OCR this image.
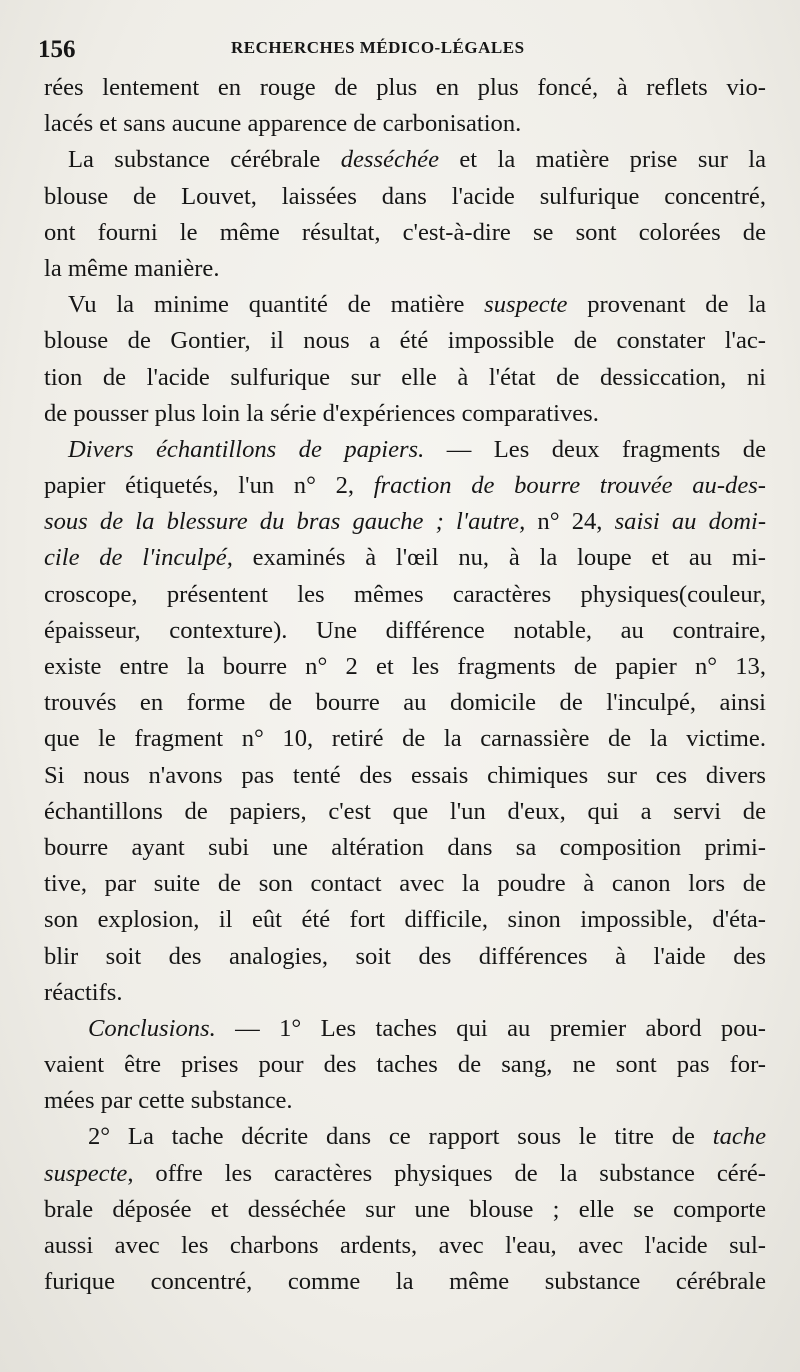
156	RECHERCHES MÉDICO-LÉGALES
rées lentement en rouge de plus en plus foncé, à reflets vio-
lacés et sans aucune apparence de carbonisation.
La substance cérébrale desséchée et la matière prise sur la
blouse de Louvet, laissées dans l'acide sulfurique concentré,
ont fourni le même résultat, c'est-à-dire se sont colorées de
la même manière.
Vu la minime quantité de matière suspecte provenant de la
blouse de Gontier, il nous a été impossible de constater l'ac-
tion de l'acide sulfurique sur elle à l'état de dessiccation, ni
de pousser plus loin la série d'expériences comparatives.
Divers échantillons de papiers. — Les deux fragments de
papier étiquetés, l'un n° 2, fraction de bourre trouvée au-des-
sous de la blessure du bras gauche ; l'autre, n° 24, saisi au domi-
cile de l'inculpé, examinés à l'œil nu, à la loupe et au mi-
croscope, présentent les mêmes caractères physiques(couleur,
épaisseur, contexture). Une différence notable, au contraire,
existe entre la bourre n° 2 et les fragments de papier n° 13,
trouvés en forme de bourre au domicile de l'inculpé, ainsi
que le fragment n° 10, retiré de la carnassière de la victime.
Si nous n'avons pas tenté des essais chimiques sur ces divers
échantillons de papiers, c'est que l'un d'eux, qui a servi de
bourre ayant subi une altération dans sa composition primi-
tive, par suite de son contact avec la poudre à canon lors de
son explosion, il eût été fort difficile, sinon impossible, d'éta-
blir soit des analogies, soit des différences à l'aide des
réactifs.
Conclusions. — 1° Les taches qui au premier abord pou-
vaient être prises pour des taches de sang, ne sont pas for-
mées par cette substance.
2° La tache décrite dans ce rapport sous le titre de tache
suspecte, offre les caractères physiques de la substance céré-
brale déposée et desséchée sur une blouse ; elle se comporte
aussi avec les charbons ardents, avec l'eau, avec l'acide sul-
furique concentré, comme la même substance cérébrale
